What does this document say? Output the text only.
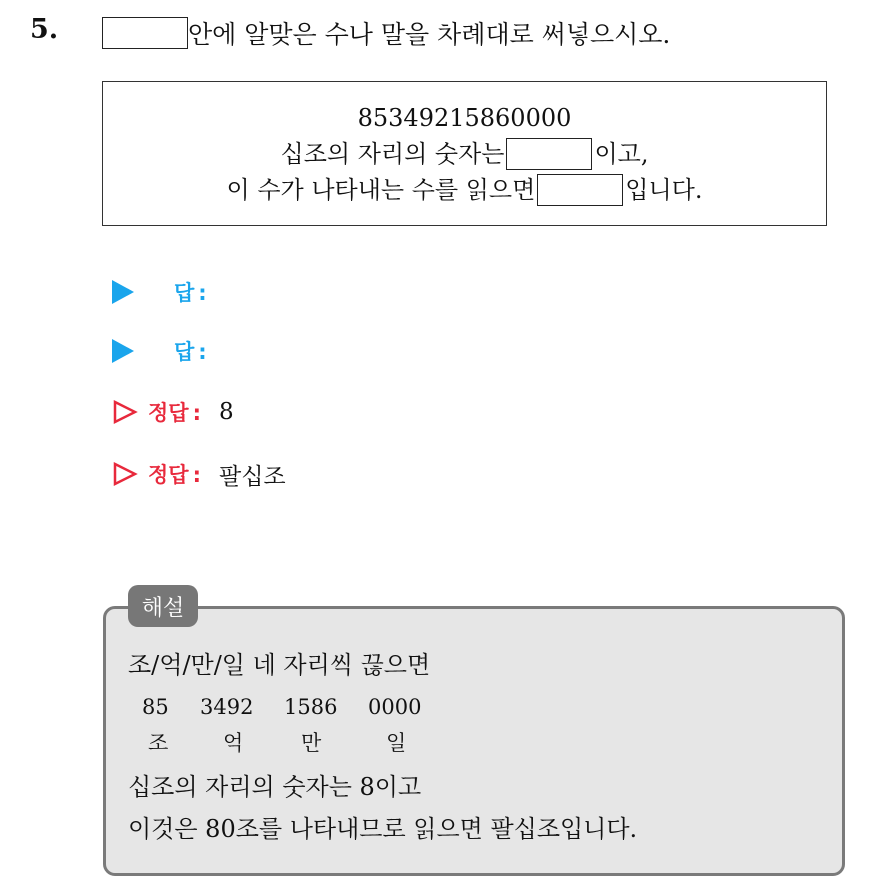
5.	안에 알맞은 수나 말을 차례대로 써넣으시오.
85349215860000
십조의 자리의 숫자는	이고,
이 수가 나타내는 수를 읽으면	입니다.
답 :
답 :
정답 : 8
정답 : 팔십조
조/억/만/일 네 자리씩 끊으면
85 3492 1586 0000
조	억	만	일
십조의 자리의 숫자는 8이고
이것은 80조를 나타내므로 읽으면 팔십조입니다.
해설
